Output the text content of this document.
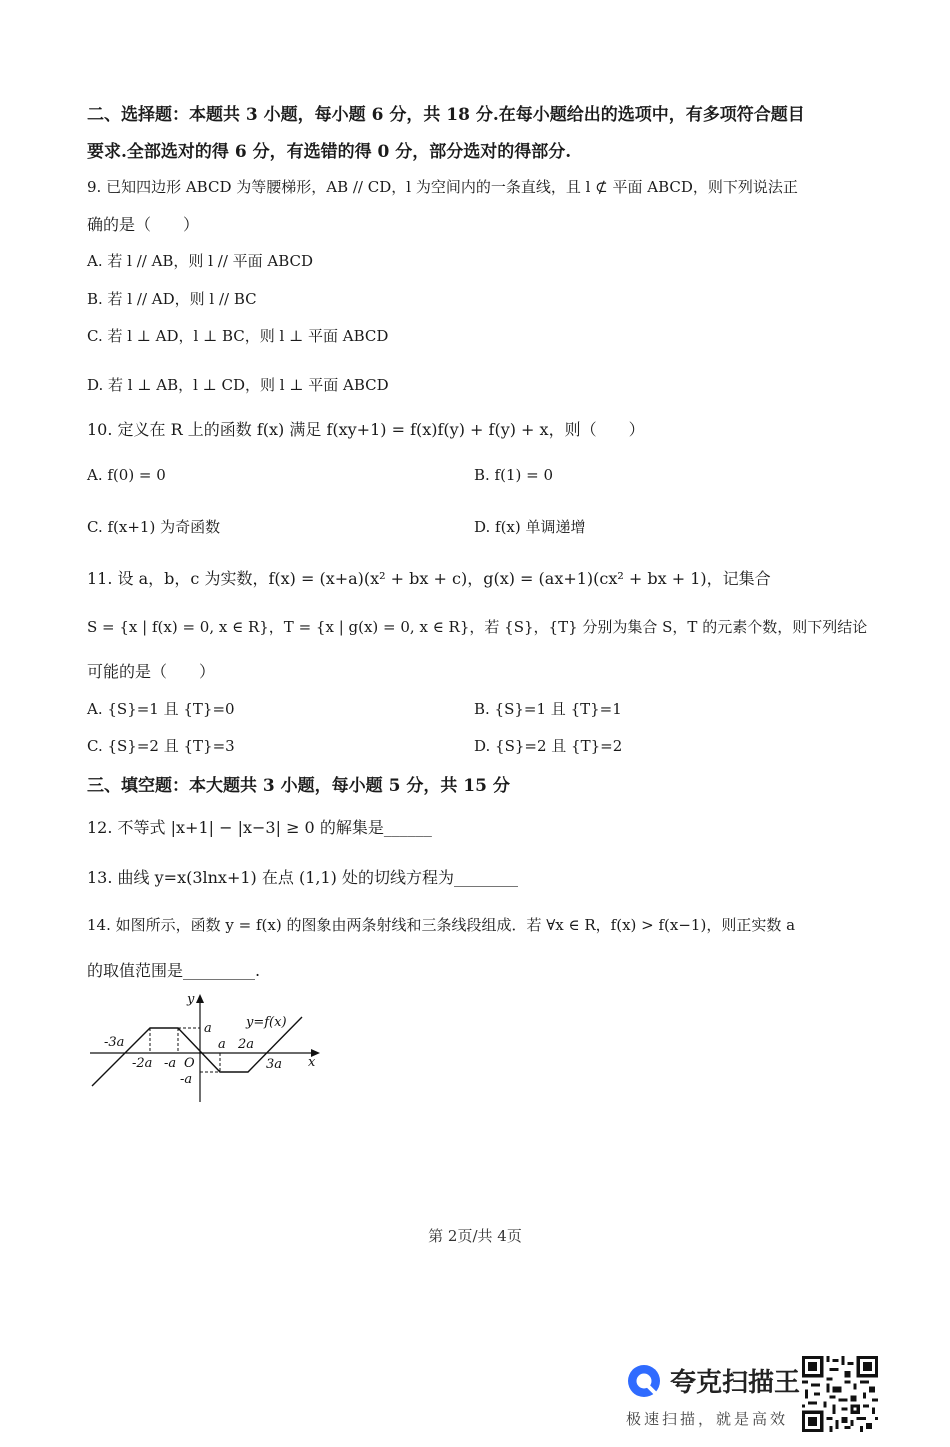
二、选择题：本题共 3 小题，每小题 6 分，共 18 分.在每小题给出的选项中，有多项符合题目
要求.全部选对的得 6 分，有选错的得 0 分，部分选对的得部分.
9. 已知四边形 ABCD 为等腰梯形，AB // CD，l 为空间内的一条直线，且 l ⊄ 平面 ABCD，则下列说法正
确的是（　　）
A. 若 l // AB，则 l // 平面 ABCD
B. 若 l // AD，则 l // BC
C. 若 l ⊥ AD，l ⊥ BC，则 l ⊥ 平面 ABCD
D. 若 l ⊥ AB，l ⊥ CD，则 l ⊥ 平面 ABCD
10. 定义在 R 上的函数 f(x) 满足 f(xy+1) = f(x)f(y) + f(y) + x，则（　　）
A. f(0) = 0	B. f(1) = 0
C. f(x+1) 为奇函数	D. f(x) 单调递增
11. 设 a，b，c 为实数，f(x) = (x+a)(x² + bx + c)，g(x) = (ax+1)(cx² + bx + 1)，记集合
S = {x | f(x) = 0, x ∈ R}，T = {x | g(x) = 0, x ∈ R}，若 {S}，{T} 分别为集合 S，T 的元素个数，则下列结论
可能的是（　　）
A. {S}=1 且 {T}=0	B. {S}=1 且 {T}=1
C. {S}=2 且 {T}=3	D. {S}=2 且 {T}=2
三、填空题：本大题共 3 小题，每小题 5 分，共 15 分
12. 不等式 |x+1| − |x−3| ≥ 0 的解集是______
13. 曲线 y=x(3lnx+1) 在点 (1,1) 处的切线方程为________
14. 如图所示，函数 y = f(x) 的图象由两条射线和三条线段组成．若 ∀x ∈ R，f(x) > f(x−1)，则正实数 a
的取值范围是_________.
y
x
y=f(x)
-3a
-2a -a O
a
a 2a
3a
-a
第 2页/共 4页
夸克扫描王
极速扫描，就是高效
